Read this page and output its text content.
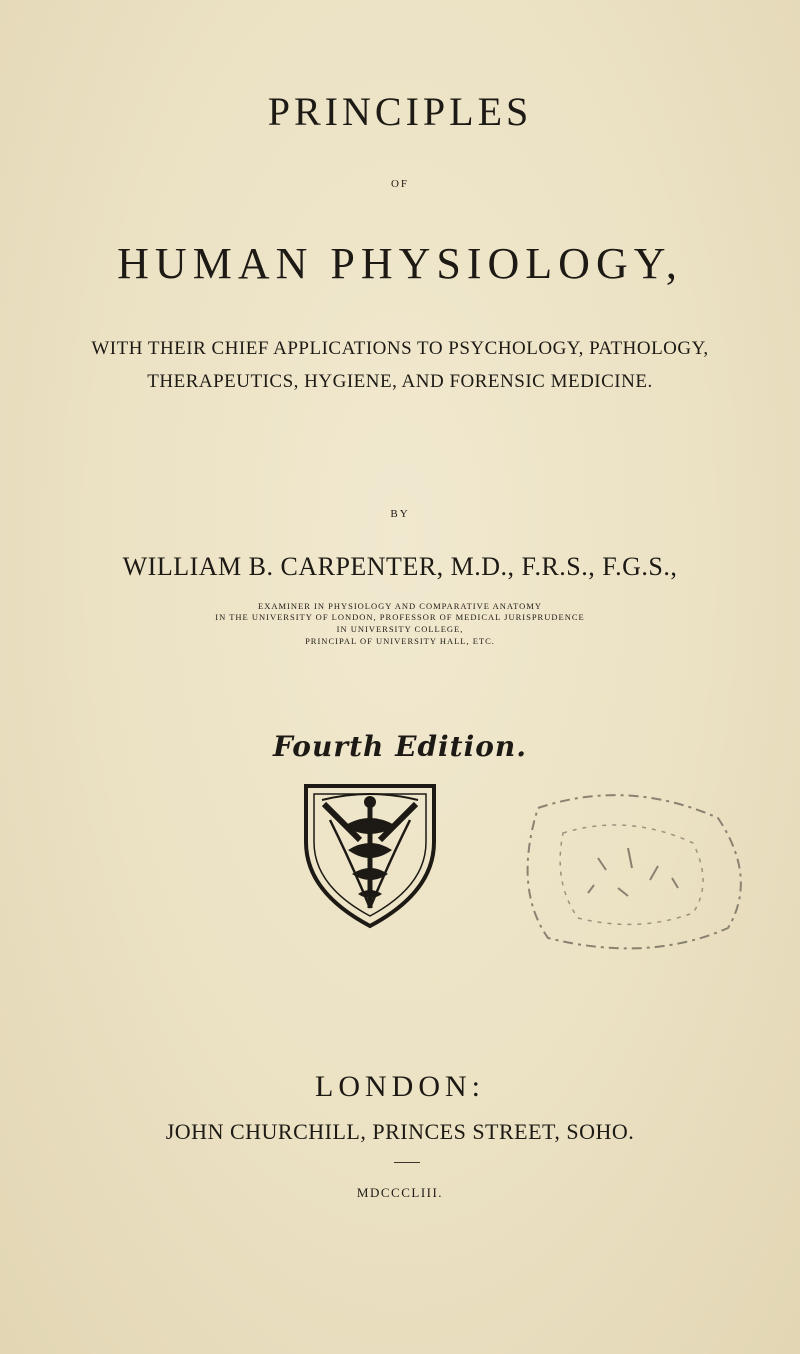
PRINCIPLES
OF
HUMAN PHYSIOLOGY,
WITH THEIR CHIEF APPLICATIONS TO PSYCHOLOGY, PATHOLOGY,
THERAPEUTICS, HYGIENE, AND FORENSIC MEDICINE.
BY
WILLIAM B. CARPENTER, M.D., F.R.S., F.G.S.,
EXAMINER IN PHYSIOLOGY AND COMPARATIVE ANATOMY
IN THE UNIVERSITY OF LONDON, PROFESSOR OF MEDICAL JURISPRUDENCE
IN UNIVERSITY COLLEGE,
PRINCIPAL OF UNIVERSITY HALL, ETC.
Fourth Edition.
LONDON:
JOHN CHURCHILL, PRINCES STREET, SOHO.
MDCCCLIII.
